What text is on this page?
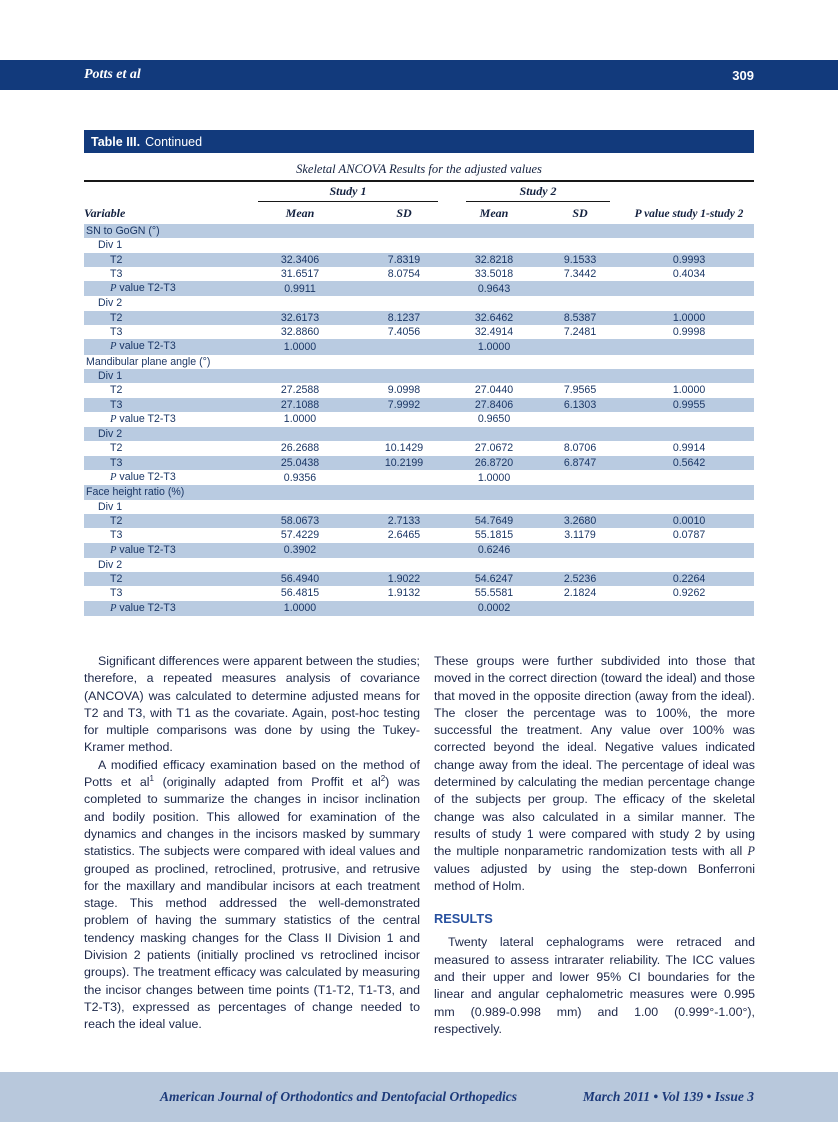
Potts et al	309
Table III. Continued
Skeletal ANCOVA Results for the adjusted values

	Study 1		Study 2		

Variable	Mean	SD	Mean	SD	P value study 1-study 2
SN to GoGN (°)					
Div 1					
T2	32.3406	7.8319	32.8218	9.1533	0.9993
T3	31.6517	8.0754	33.5018	7.3442	0.4034
P value T2-T3	0.9911		0.9643		
Div 2					
T2	32.6173	8.1237	32.6462	8.5387	1.0000
T3	32.8860	7.4056	32.4914	7.2481	0.9998
P value T2-T3	1.0000		1.0000		
Mandibular plane angle (°)					
Div 1					
T2	27.2588	9.0998	27.0440	7.9565	1.0000
T3	27.1088	7.9992	27.8406	6.1303	0.9955
P value T2-T3	1.0000		0.9650		
Div 2					
T2	26.2688	10.1429	27.0672	8.0706	0.9914
T3	25.0438	10.2199	26.8720	6.8747	0.5642
P value T2-T3	0.9356		1.0000		
Face height ratio (%)					
Div 1					
T2	58.0673	2.7133	54.7649	3.2680	0.0010
T3	57.4229	2.6465	55.1815	3.1179	0.0787
P value T2-T3	0.3902		0.6246		
Div 2					
T2	56.4940	1.9022	54.6247	2.5236	0.2264
T3	56.4815	1.9132	55.5581	2.1824	0.9262
P value T2-T3	1.0000		0.0002		

Significant differences were apparent between the studies; therefore, a repeated measures analysis of covariance (ANCOVA) was calculated to determine adjusted means for T2 and T3, with T1 as the covariate. Again, post-hoc testing for multiple comparisons was done by using the Tukey-Kramer method.

A modified efficacy examination based on the method of Potts et $al^1$ (originally adapted from Proffit et $al^2$) was completed to summarize the changes in incisor inclination and bodily position. This allowed for examination of the dynamics and changes in the incisors masked by summary statistics. The subjects were compared with ideal values and grouped as proclined, retroclined, protrusive, and retrusive for the maxillary and mandibular incisors at each treatment stage. This method addressed the well-demonstrated problem of having the summary statistics of the central tendency masking changes for the Class II Division 1 and Division 2 patients (initially proclined vs retroclined incisor groups). The treatment efficacy was calculated by measuring the incisor changes between time points (T1-T2, T1-T3, and T2-T3), expressed as percentages of change needed to reach the ideal value.

These groups were further subdivided into those that moved in the correct direction (toward the ideal) and those that moved in the opposite direction (away from the ideal). The closer the percentage was to 100%, the more successful the treatment. Any value over 100% was corrected beyond the ideal. Negative values indicated change away from the ideal. The percentage of ideal was determined by calculating the median percentage change of the subjects per group. The efficacy of the skeletal change was also calculated in a similar manner. The results of study 1 were compared with study 2 by using the multiple nonparametric randomization tests with all P values adjusted by using the step-down Bonferroni method of Holm.

RESULTS

Twenty lateral cephalograms were retraced and measured to assess intrarater reliability. The ICC values and their upper and lower 95% CI boundaries for the linear and angular cephalometric measures were 0.995 mm (0.989-0.998 mm) and 1.00 (0.999°-1.00°), respectively.

American Journal of Orthodontics and Dentofacial Orthopedics	March 2011 • Vol 139 • Issue 3
